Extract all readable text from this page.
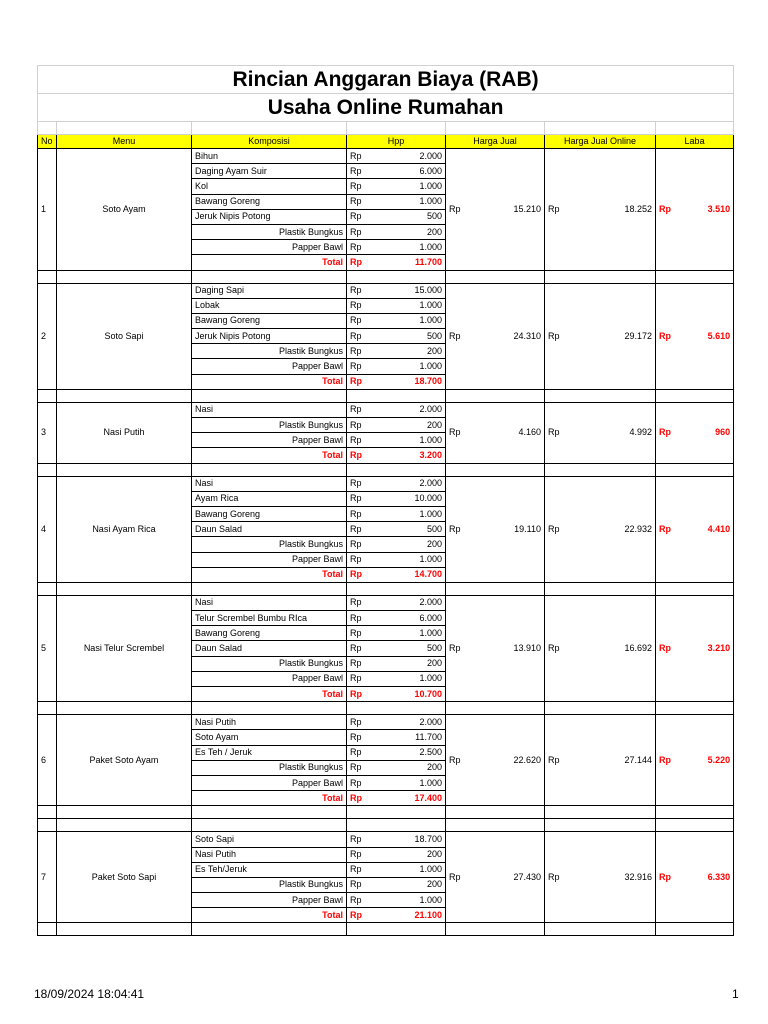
Rincian Anggaran Biaya (RAB)										
Usaha Online Rumahan										

No	Menu	Komposisi	Hpp		Harga Jual		Harga Jual Online		Laba	
1	Soto Ayam	Bihun	Rp	2.000	Rp	15.210	Rp	18.252	Rp	3.510
		Daging Ayam Suir	Rp	6.000						
		Kol	Rp	1.000						
		Bawang Goreng	Rp	1.000						
		Jeruk Nipis Potong	Rp	500						
		Plastik Bungkus	Rp	200						
		Papper Bawl	Rp	1.000						
		Total	Rp	11.700						

2	Soto Sapi	Daging Sapi	Rp	15.000	Rp	24.310	Rp	29.172	Rp	5.610
		Lobak	Rp	1.000						
		Bawang Goreng	Rp	1.000						
		Jeruk Nipis Potong	Rp	500						
		Plastik Bungkus	Rp	200						
		Papper Bawl	Rp	1.000						
		Total	Rp	18.700						

3	Nasi Putih	Nasi	Rp	2.000	Rp	4.160	Rp	4.992	Rp	960
		Plastik Bungkus	Rp	200						
		Papper Bawl	Rp	1.000						
		Total	Rp	3.200						

4	Nasi Ayam Rica	Nasi	Rp	2.000	Rp	19.110	Rp	22.932	Rp	4.410
		Ayam Rica	Rp	10.000						
		Bawang Goreng	Rp	1.000						
		Daun Salad	Rp	500						
		Plastik Bungkus	Rp	200						
		Papper Bawl	Rp	1.000						
		Total	Rp	14.700						

5	Nasi Telur Scrembel	Nasi	Rp	2.000	Rp	13.910	Rp	16.692	Rp	3.210
		Telur Scrembel Bumbu RIca	Rp	6.000						
		Bawang Goreng	Rp	1.000						
		Daun Salad	Rp	500						
		Plastik Bungkus	Rp	200						
		Papper Bawl	Rp	1.000						
		Total	Rp	10.700						

6	Paket Soto Ayam	Nasi Putih	Rp	2.000	Rp	22.620	Rp	27.144	Rp	5.220
		Soto Ayam	Rp	11.700						
		Es Teh / Jeruk	Rp	2.500						
		Plastik Bungkus	Rp	200						
		Papper Bawl	Rp	1.000						
		Total	Rp	17.400						

7	Paket Soto Sapi	Soto Sapi	Rp	18.700	Rp	27.430	Rp	32.916	Rp	6.330
		Nasi Putih	Rp	200						
		Es Teh/Jeruk	Rp	1.000						
		Plastik Bungkus	Rp	200						
		Papper Bawl	Rp	1.000						
		Total	Rp	21.100						

18/09/2024 18:04:41	1
